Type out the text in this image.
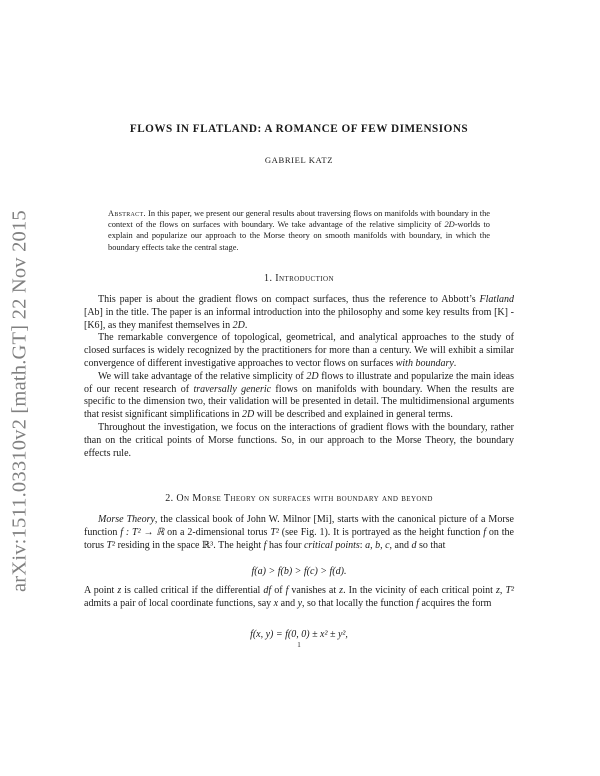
arXiv:1511.03310v2 [math.GT] 22 Nov 2015
FLOWS IN FLATLAND: A ROMANCE OF FEW DIMENSIONS
GABRIEL KATZ
Abstract. In this paper, we present our general results about traversing flows on manifolds with boundary in the context of the flows on surfaces with boundary. We take advantage of the relative simplicity of 2D-worlds to explain and popularize our approach to the Morse theory on smooth manifolds with boundary, in which the boundary effects take the central stage.
1. Introduction

This paper is about the gradient flows on compact surfaces, thus the reference to Abbott’s Flatland [Ab] in the title. The paper is an informal introduction into the philosophy and some key results from [K] -[K6], as they manifest themselves in 2D.

The remarkable convergence of topological, geometrical, and analytical approaches to the study of closed surfaces is widely recognized by the practitioners for more than a century. We will exhibit a similar convergence of different investigative approaches to vector flows on surfaces with boundary.

We will take advantage of the relative simplicity of 2D flows to illustrate and popularize the main ideas of our recent research of traversally generic flows on manifolds with boundary. When the results are specific to the dimension two, their validation will be presented in detail. The multidimensional arguments that resist significant simplifications in 2D will be described and explained in general terms.

Throughout the investigation, we focus on the interactions of gradient flows with the boundary, rather than on the critical points of Morse functions. So, in our approach to the Morse Theory, the boundary effects rule.

2. On Morse Theory on surfaces with boundary and beyond

Morse Theory, the classical book of John W. Milnor [Mi], starts with the canonical picture of a Morse function f : T² → ℝ on a 2-dimensional torus T² (see Fig. 1). It is portrayed as the height function f on the torus T² residing in the space ℝ³. The height f has four critical points: a, b, c, and d so that

f(a) > f(b) > f(c) > f(d).

A point z is called critical if the differential df of f vanishes at z. In the vicinity of each critical point z, T² admits a pair of local coordinate functions, say x and y, so that locally the function f acquires the form

f(x, y) = f(0, 0) ± x² ± y²,
1
